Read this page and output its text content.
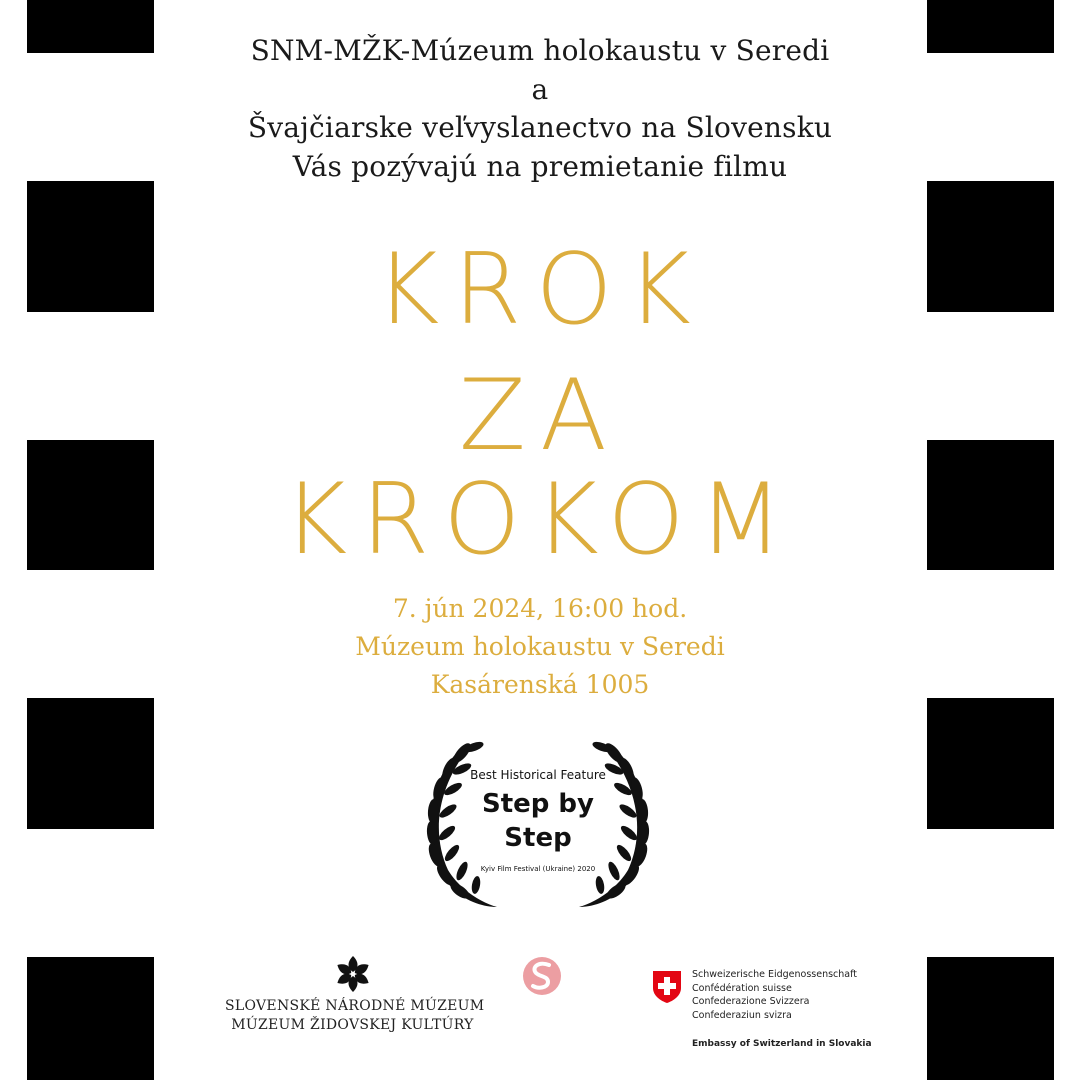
SNM-MŽK-Múzeum holokaustu v Seredi
a
Švajčiarske veľvyslanectvo na Slovensku
Vás pozývajú na premietanie filmu
KROK
ZA
KROKOM
7. jún 2024, 16:00 hod.
Múzeum holokaustu v Seredi
Kasárenská 1005
Best Historical Feature
Step by
Step
Kyiv Film Festival (Ukraine) 2020
SLOVENSKÉ NÁRODNÉ MÚZEUM
MÚZEUM ŽIDOVSKEJ KULTÚRY
Schweizerische Eidgenossenschaft
Confédération suisse
Confederazione Svizzera
Confederaziun svizra
Embassy of Switzerland in Slovakia
